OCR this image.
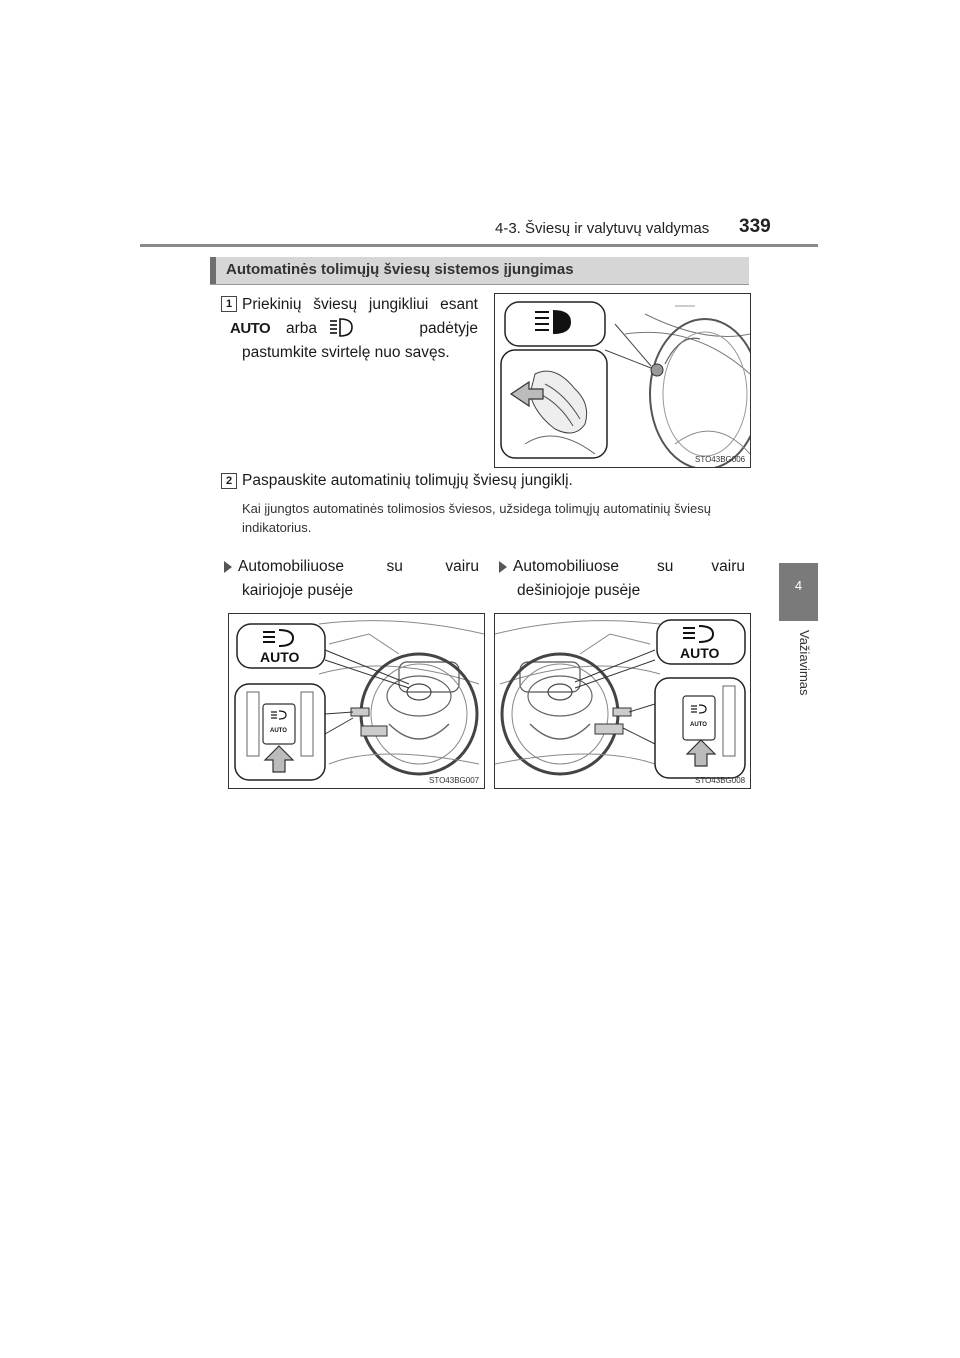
4-3. Šviesų ir valytuvų valdymas 339
4
Važiavimas
Automatinės tolimųjų šviesų sistemos įjungimas
1 Priekinių šviesų jungikliui esant
AUTO arba	padėtyje
pastumkite svirtelę nuo savęs.
STO43BG006
2 Paspauskite automatinių tolimųjų šviesų jungiklį.
Kai įjungtos automatinės tolimosios šviesos, užsidega tolimųjų automatinių šviesų indikatorius.
Automobiliuose su vairu
kairiojoje pusėje
Automobiliuose su vairu
dešiniojoje pusėje
AUTO
AUTO
STO43BG007
AUTO
AUTO
STO43BG008
